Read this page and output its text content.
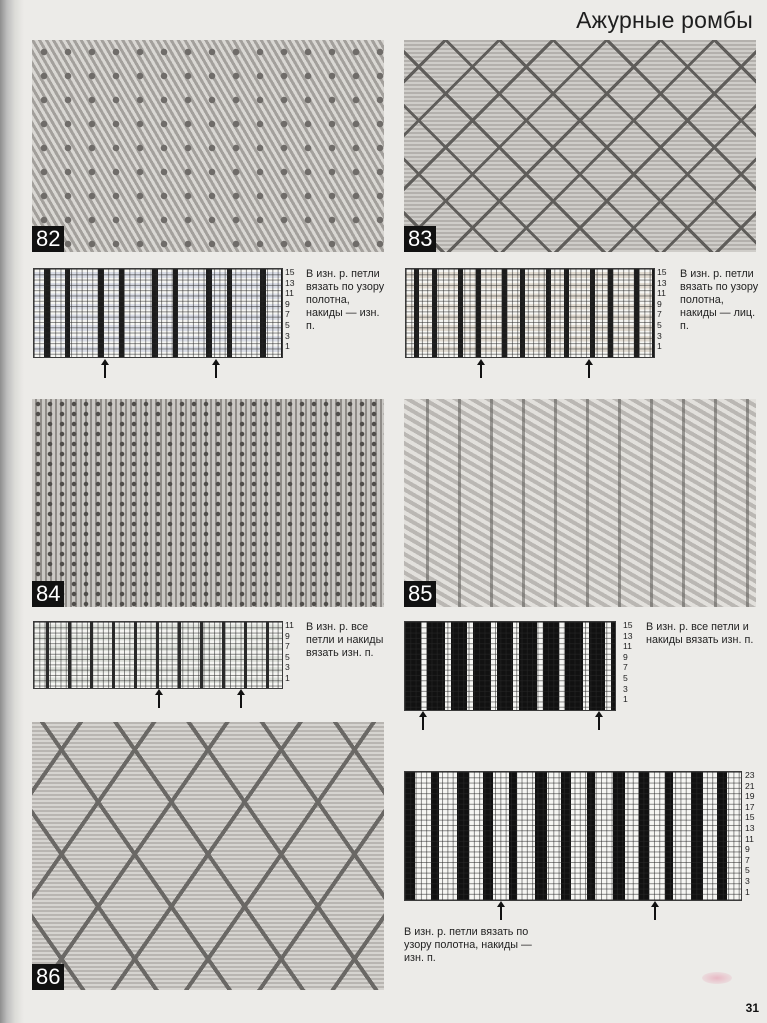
Ажурные ромбы
82
15
13
11
9
7
5
3
1
В изн. р. петли вязать по узору полотна, накиды — изн. п.
83
15
13
11
9
7
5
3
1
В изн. р. петли вязать по узору полотна, накиды — лиц. п.
84
11
9
7
5
3
1
В изн. р. все петли и накиды вязать изн. п.
85
15
13
11
9
7
5
3
1
В изн. р. все петли и накиды вязать изн. п.
86
23
21
19
17
15
13
11
9
7
5
3
1
В изн. р. петли вязать по узору полотна, накиды — изн. п.
31
